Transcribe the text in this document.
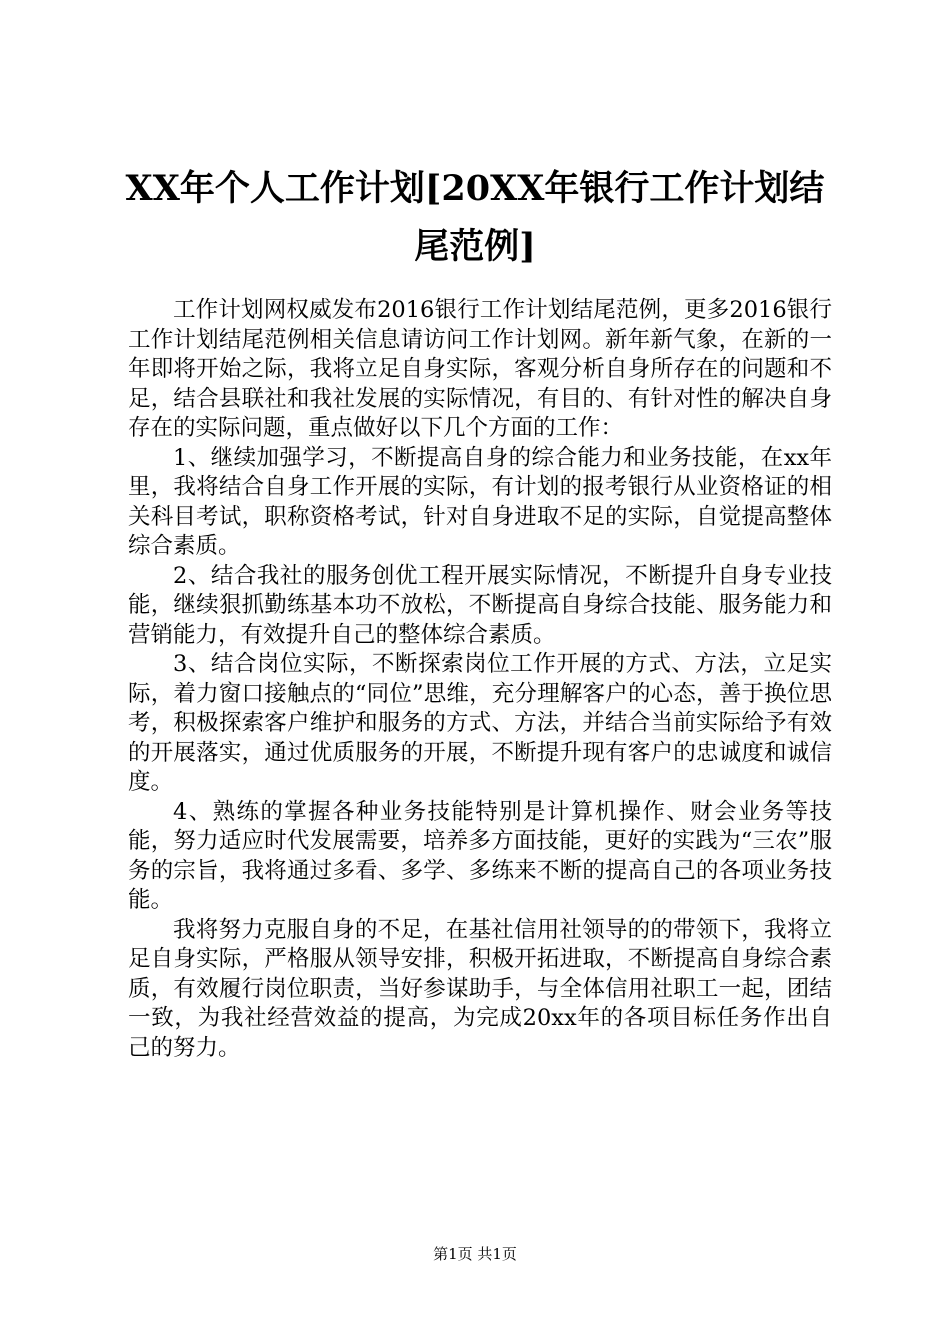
XX年个人工作计划[20XX年银行工作计划结尾范例]

工作计划网权威发布2016银行工作计划结尾范例，更多2016银行工作计划结尾范例相关信息请访问工作计划网。新年新气象，在新的一年即将开始之际，我将立足自身实际，客观分析自身所存在的问题和不足，结合县联社和我社发展的实际情况，有目的、有针对性的解决自身存在的实际问题，重点做好以下几个方面的工作：

1、继续加强学习，不断提高自身的综合能力和业务技能，在xx年里，我将结合自身工作开展的实际，有计划的报考银行从业资格证的相关科目考试，职称资格考试，针对自身进取不足的实际，自觉提高整体综合素质。

2、结合我社的服务创优工程开展实际情况，不断提升自身专业技能，继续狠抓勤练基本功不放松，不断提高自身综合技能、服务能力和营销能力，有效提升自己的整体综合素质。

3、结合岗位实际，不断探索岗位工作开展的方式、方法，立足实际，着力窗口接触点的“同位”思维，充分理解客户的心态，善于换位思考，积极探索客户维护和服务的方式、方法，并结合当前实际给予有效的开展落实，通过优质服务的开展，不断提升现有客户的忠诚度和诚信度。

4、熟练的掌握各种业务技能特别是计算机操作、财会业务等技能，努力适应时代发展需要，培养多方面技能，更好的实践为“三农”服务的宗旨，我将通过多看、多学、多练来不断的提高自己的各项业务技能。

我将努力克服自身的不足，在基社信用社领导的的带领下，我将立足自身实际，严格服从领导安排，积极开拓进取，不断提高自身综合素质，有效履行岗位职责，当好参谋助手，与全体信用社职工一起，团结一致，为我社经营效益的提高，为完成20xx年的各项目标任务作出自己的努力。

第1页 共1页
